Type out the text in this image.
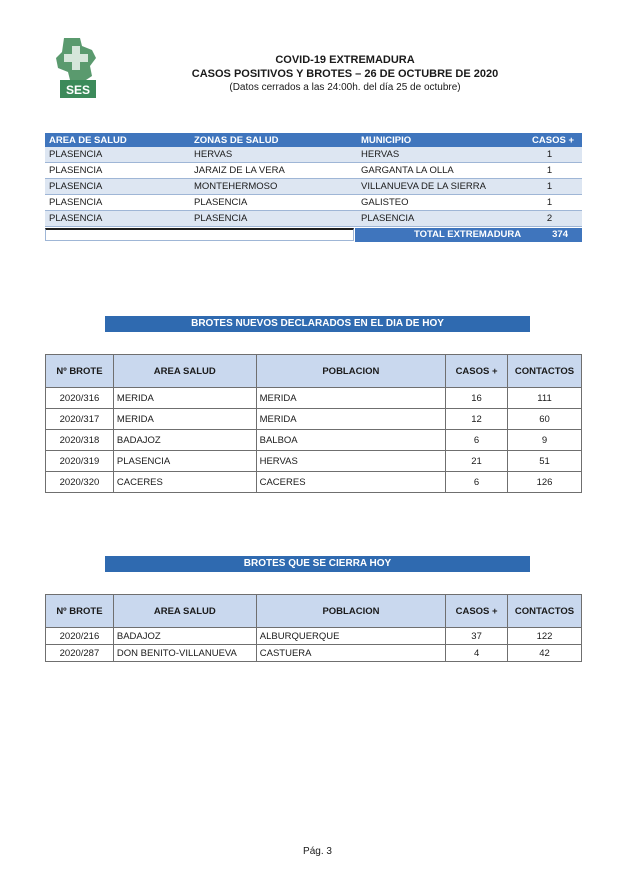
SES
COVID-19 EXTREMADURA
CASOS POSITIVOS Y BROTES – 26 DE OCTUBRE DE 2020
(Datos cerrados a las 24:00h. del día 25 de octubre)
AREA DE SALUD	ZONAS DE SALUD	MUNICIPIO	CASOS +
PLASENCIA	HERVAS	HERVAS	1
PLASENCIA	JARAIZ DE LA VERA	GARGANTA LA OLLA	1
PLASENCIA	MONTEHERMOSO	VILLANUEVA DE LA SIERRA	1
PLASENCIA	PLASENCIA	GALISTEO	1
PLASENCIA	PLASENCIA	PLASENCIA	2
TOTAL EXTREMADURA	374
BROTES NUEVOS DECLARADOS EN EL DIA DE HOY
Nº BROTE	AREA SALUD	POBLACION	CASOS +	CONTACTOS
2020/316	MERIDA	MERIDA	16	111
2020/317	MERIDA	MERIDA	12	60
2020/318	BADAJOZ	BALBOA	6	9
2020/319	PLASENCIA	HERVAS	21	51
2020/320	CACERES	CACERES	6	126
BROTES QUE SE CIERRA HOY
Nº BROTE	AREA SALUD	POBLACION	CASOS +	CONTACTOS
2020/216	BADAJOZ	ALBURQUERQUE	37	122
2020/287	DON BENITO-VILLANUEVA	CASTUERA	4	42
Pág. 3
